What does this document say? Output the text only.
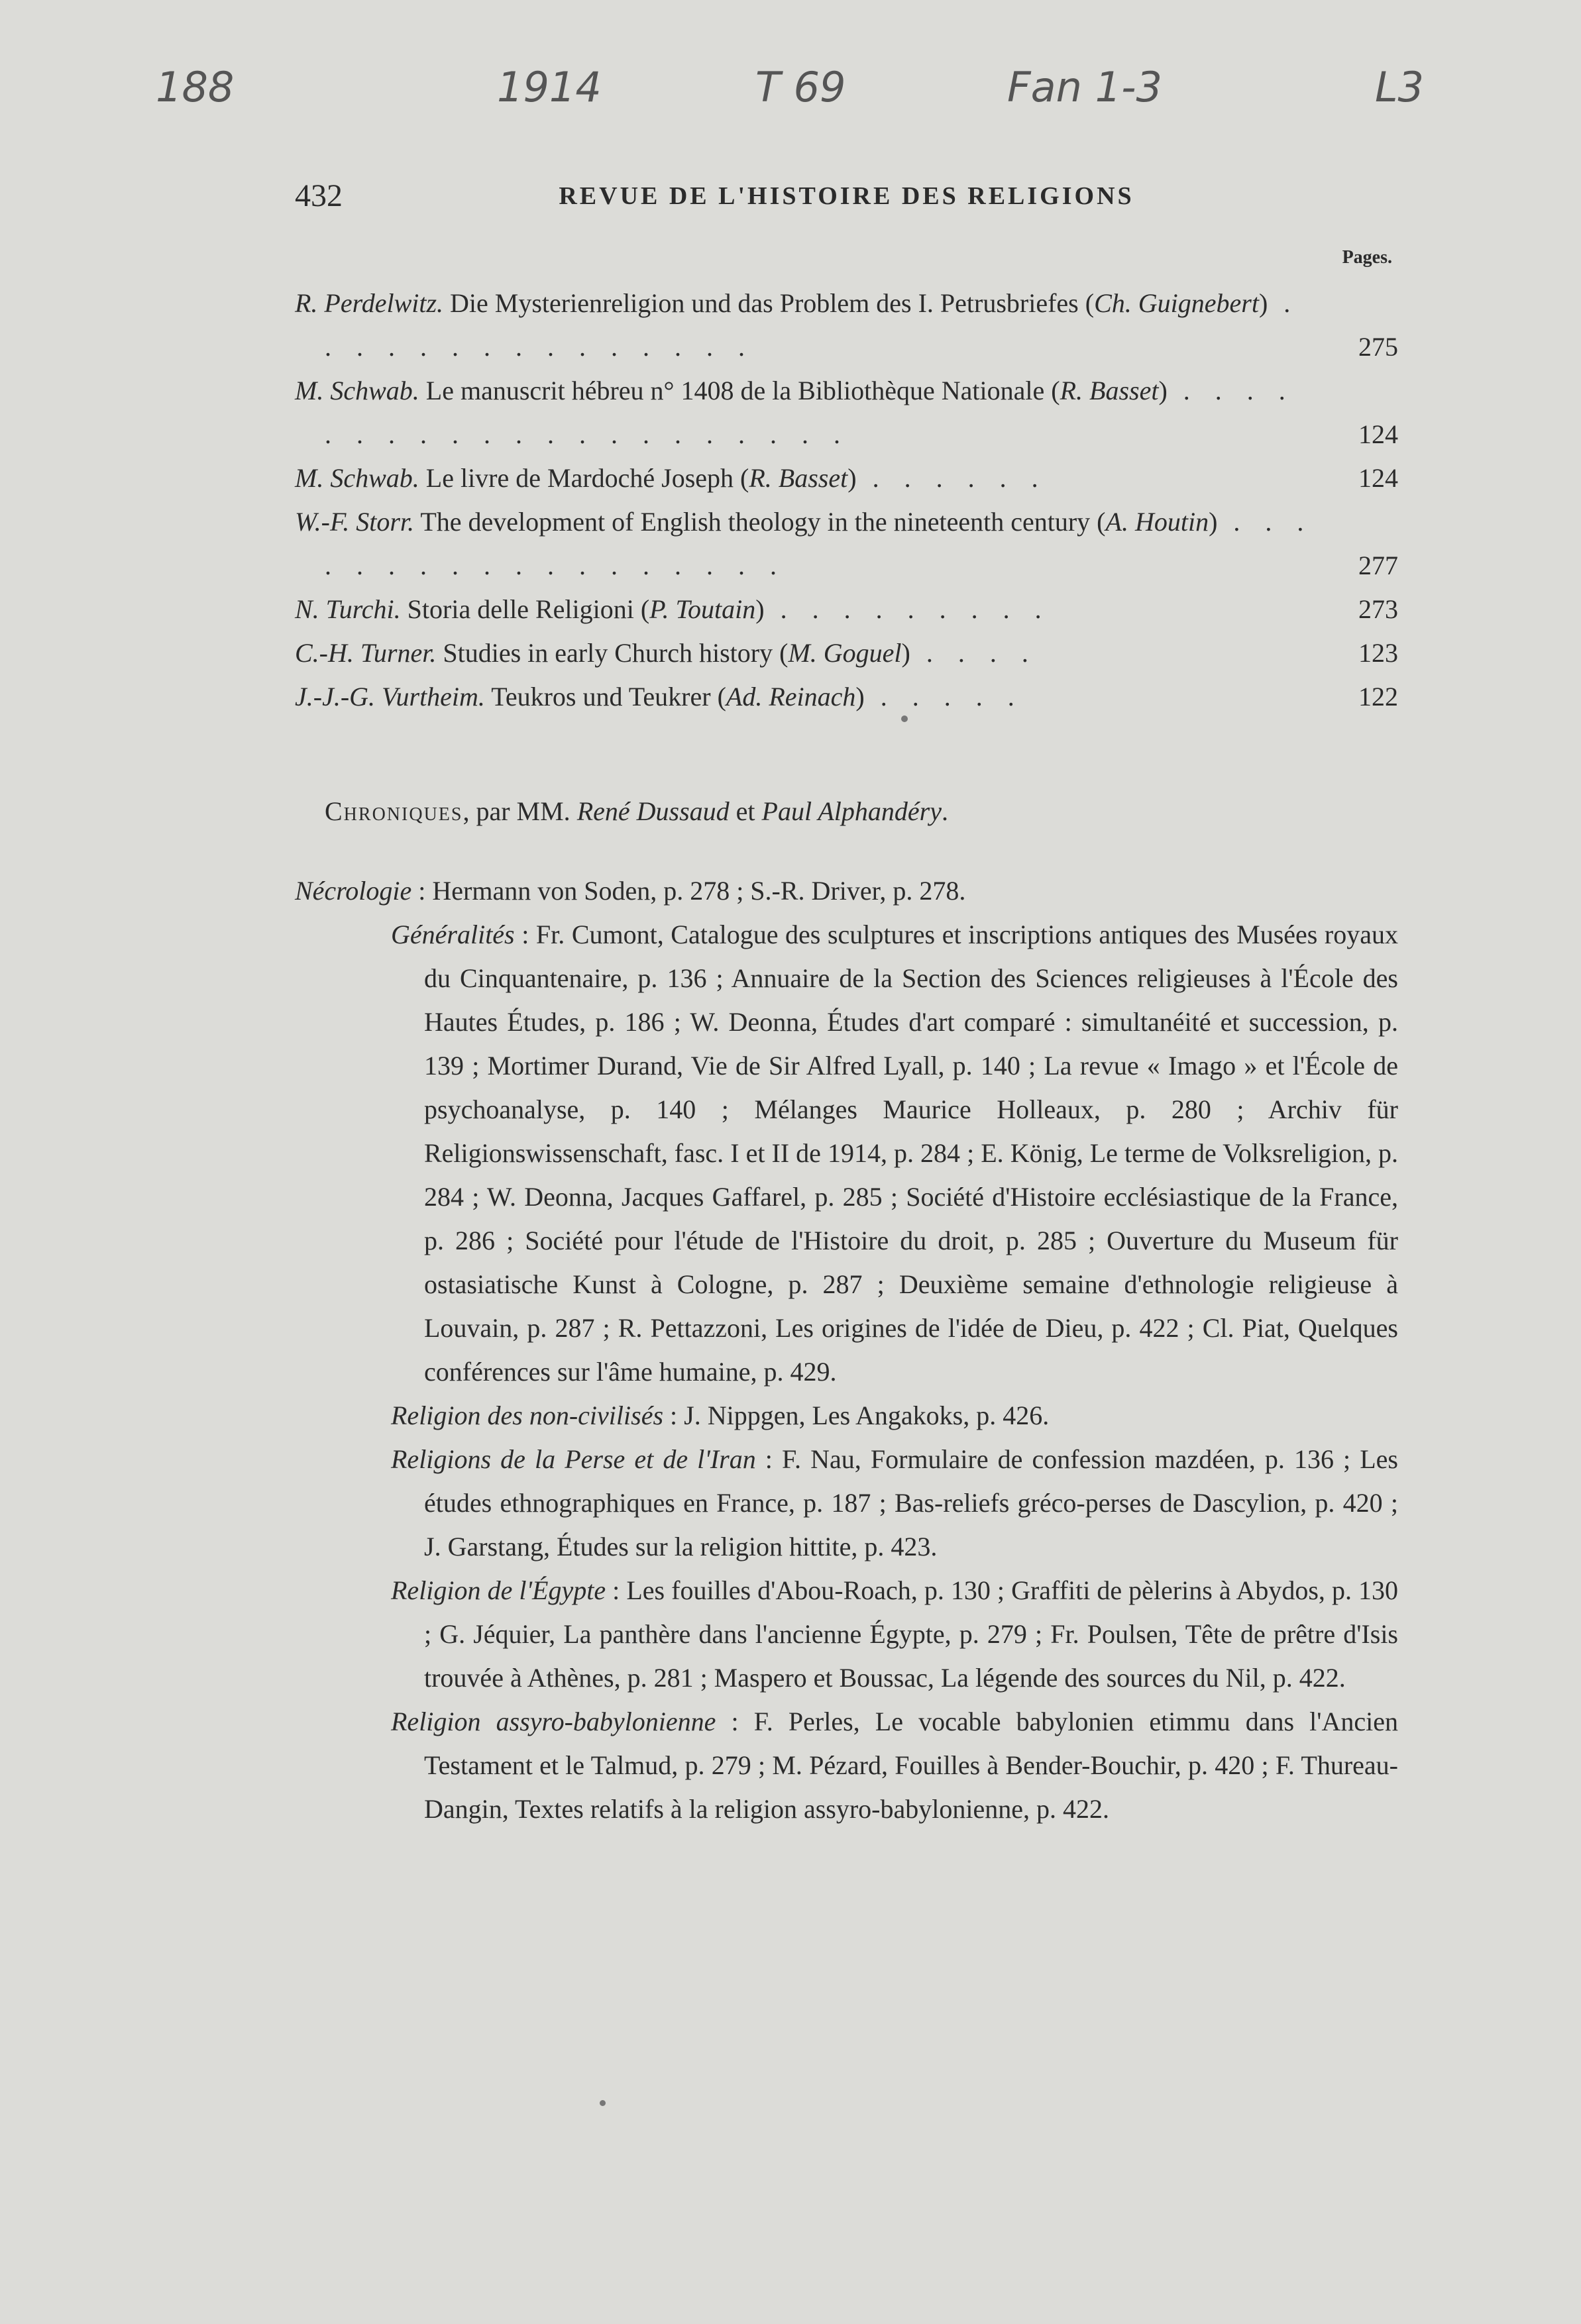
188	1914	T 69	Fan 1-3	L3
432	REVUE DE L'HISTOIRE DES RELIGIONS
Pages.
R. Perdelwitz. Die Mysterienreligion und das Problem des I. Petrusbriefes (Ch. Guignebert) . . . . . . . . . . . . . . .	275
M. Schwab. Le manuscrit hébreu n° 1408 de la Bibliothèque Nationale (R. Basset) . . . . . . . . . . . . . . . . . . . . .	124
M. Schwab. Le livre de Mardoché Joseph (R. Basset) . . . . . .	124
W.-F. Storr. The development of English theology in the nineteenth century (A. Houtin) . . . . . . . . . . . . . . . . . .	277
N. Turchi. Storia delle Religioni (P. Toutain) . . . . . . . . .	273
C.-H. Turner. Studies in early Church history (M. Goguel) . . . .	123
J.-J.-G. Vurtheim. Teukros und Teukrer (Ad. Reinach) . . . . .	122
Chroniques, par MM. René Dussaud et Paul Alphandéry.
Nécrologie : Hermann von Soden, p. 278 ; S.-R. Driver, p. 278.
Généralités : Fr. Cumont, Catalogue des sculptures et inscriptions antiques des Musées royaux du Cinquantenaire, p. 136 ; Annuaire de la Section des Sciences religieuses à l'École des Hautes Études, p. 186 ; W. Deonna, Études d'art comparé : simultanéité et succession, p. 139 ; Mortimer Durand, Vie de Sir Alfred Lyall, p. 140 ; La revue « Imago » et l'École de psychoanalyse, p. 140 ; Mélanges Maurice Holleaux, p. 280 ; Archiv für Religionswissenschaft, fasc. I et II de 1914, p. 284 ; E. König, Le terme de Volksreligion, p. 284 ; W. Deonna, Jacques Gaffarel, p. 285 ; Société d'Histoire ecclésiastique de la France, p. 286 ; Société pour l'étude de l'Histoire du droit, p. 285 ; Ouverture du Museum für ostasiatische Kunst à Cologne, p. 287 ; Deuxième semaine d'ethnologie religieuse à Louvain, p. 287 ; R. Pettazzoni, Les origines de l'idée de Dieu, p. 422 ; Cl. Piat, Quelques conférences sur l'âme humaine, p. 429.
Religion des non-civilisés : J. Nippgen, Les Angakoks, p. 426.
Religions de la Perse et de l'Iran : F. Nau, Formulaire de confession mazdéen, p. 136 ; Les études ethnographiques en France, p. 187 ; Bas-reliefs gréco-perses de Dascylion, p. 420 ; J. Garstang, Études sur la religion hittite, p. 423.
Religion de l'Égypte : Les fouilles d'Abou-Roach, p. 130 ; Graffiti de pèlerins à Abydos, p. 130 ; G. Jéquier, La panthère dans l'ancienne Égypte, p. 279 ; Fr. Poulsen, Tête de prêtre d'Isis trouvée à Athènes, p. 281 ; Maspero et Boussac, La légende des sources du Nil, p. 422.
Religion assyro-babylonienne : F. Perles, Le vocable babylonien etimmu dans l'Ancien Testament et le Talmud, p. 279 ; M. Pézard, Fouilles à Bender-Bouchir, p. 420 ; F. Thureau-Dangin, Textes relatifs à la religion assyro-babylonienne, p. 422.
